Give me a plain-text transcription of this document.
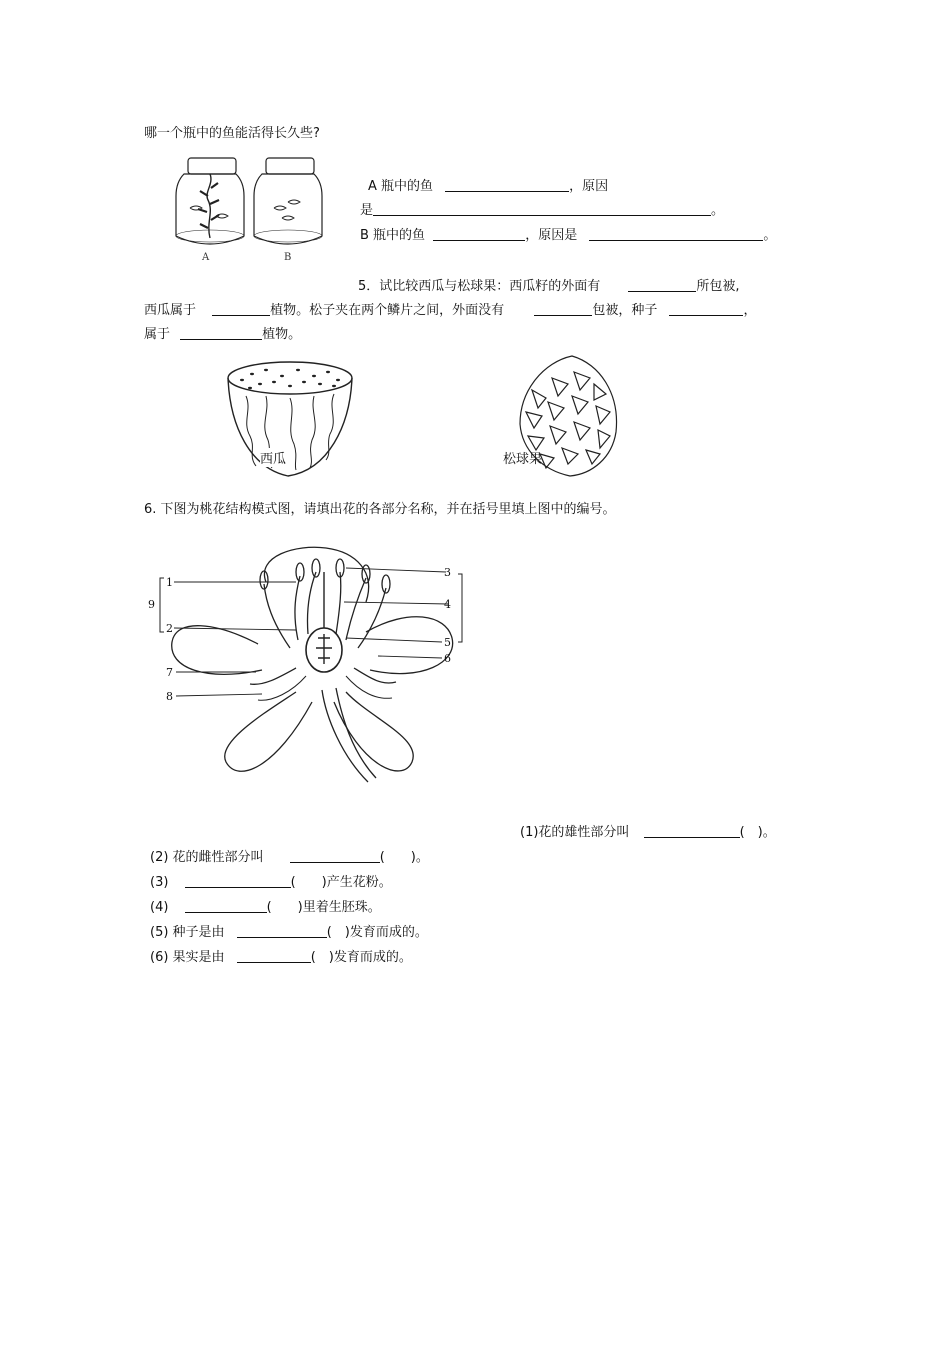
哪一个瓶中的鱼能活得长久些?
A	B
A 瓶中的鱼	，原因
是	。
B 瓶中的鱼	，原因是	。
5．试比较西瓜与松球果：西瓜籽的外面有	所包被,
西瓜属于	植物。松子夹在两个鳞片之间，外面没有	包被，种子	，
属于	植物。
西瓜	松球果
6. 下图为桃花结构模式图，请填出花的各部分名称，并在括号里填上图中的编号。
1
2
3
4
5
6
7
8
9
(1)花的雄性部分叫	(　)。
(2) 花的雌性部分叫	(　　)。
(3)	(　　)产生花粉。
(4)	(　　)里着生胚珠。
(5) 种子是由	(　)发育而成的。
(6) 果实是由	(　)发育而成的。
